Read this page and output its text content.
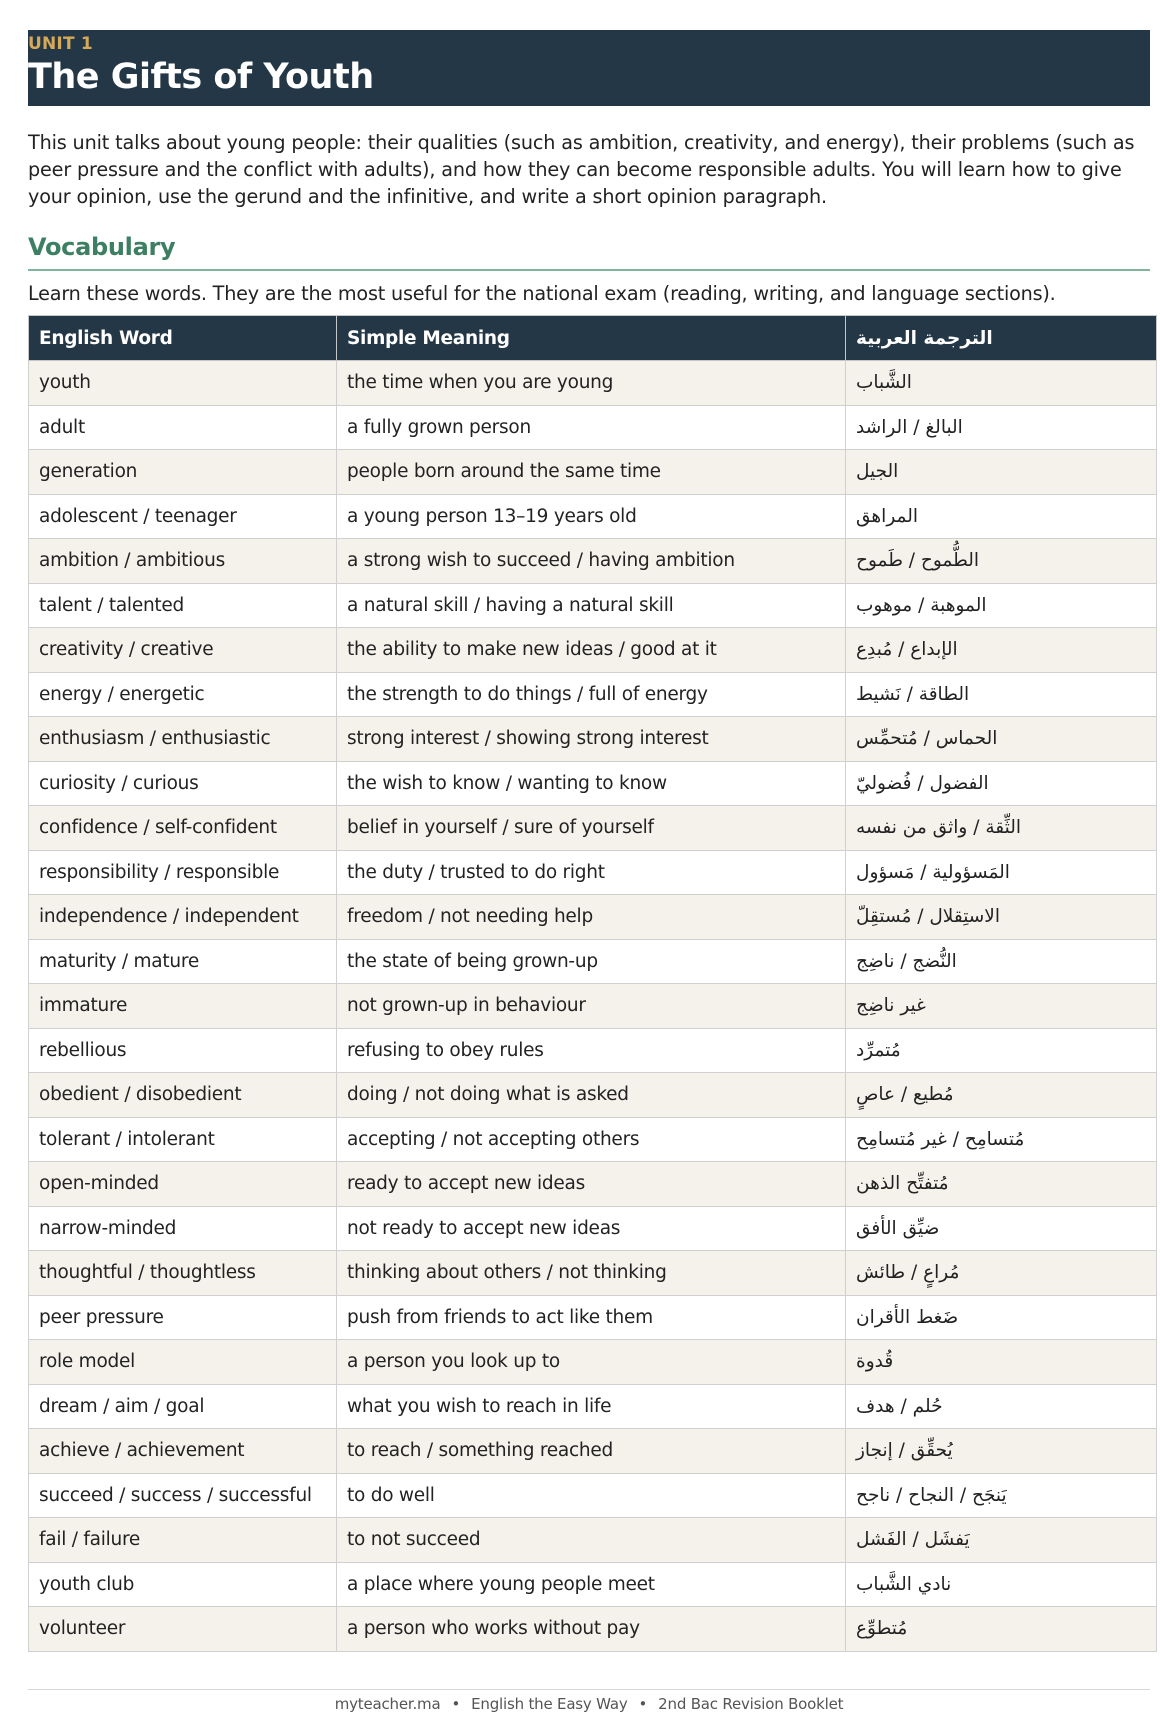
UNIT 1
The Gifts of Youth

This unit talks about young people: their qualities (such as ambition, creativity, and energy), their problems (such as peer pressure and the conflict with adults), and how they can become responsible adults. You will learn how to give your opinion, use the gerund and the infinitive, and write a short opinion paragraph.

Vocabulary
Learn these words. They are the most useful for the national exam (reading, writing, and language sections).
English Word	Simple Meaning	الترجمة العربية

youth	the time when you are young	الشَّباب

adult	a fully grown person	البالغ / الراشد

generation	people born around the same time	الجيل

adolescent / teenager	a young person 13–19 years old	المراهق

ambition / ambitious	a strong wish to succeed / having ambition	الطُّموح / طَموح

talent / talented	a natural skill / having a natural skill	الموهبة / موهوب

creativity / creative	the ability to make new ideas / good at it	الإبداع / مُبدِع

energy / energetic	the strength to do things / full of energy	الطاقة / نَشيط

enthusiasm / enthusiastic	strong interest / showing strong interest	الحماس / مُتحمِّس

curiosity / curious	the wish to know / wanting to know	الفضول / فُضوليّ

confidence / self-confident	belief in yourself / sure of yourself	الثِّقة / واثق من نفسه

responsibility / responsible	the duty / trusted to do right	المَسؤولية / مَسؤول

independence / independent	freedom / not needing help	الاستِقلال / مُستقِلّ

maturity / mature	the state of being grown-up	النُّضج / ناضِج

immature	not grown-up in behaviour	غير ناضِج

rebellious	refusing to obey rules	مُتمرِّد

obedient / disobedient	doing / not doing what is asked	مُطيع / عاصٍ

tolerant / intolerant	accepting / not accepting others	مُتسامِح / غير مُتسامِح

open-minded	ready to accept new ideas	مُتفتِّح الذهن

narrow-minded	not ready to accept new ideas	ضيِّق الأفق

thoughtful / thoughtless	thinking about others / not thinking	مُراعٍ / طائش

peer pressure	push from friends to act like them	ضَغط الأقران

role model	a person you look up to	قُدوة

dream / aim / goal	what you wish to reach in life	حُلم / هدف

achieve / achievement	to reach / something reached	يُحقِّق / إنجاز

succeed / success / successful	to do well	يَنجَح / النجاح / ناجح

fail / failure	to not succeed	يَفشَل / الفَشل

youth club	a place where young people meet	نادي الشَّباب

volunteer	a person who works without pay	مُتطوِّع
myteacher.ma • English the Easy Way • 2nd Bac Revision Booklet
